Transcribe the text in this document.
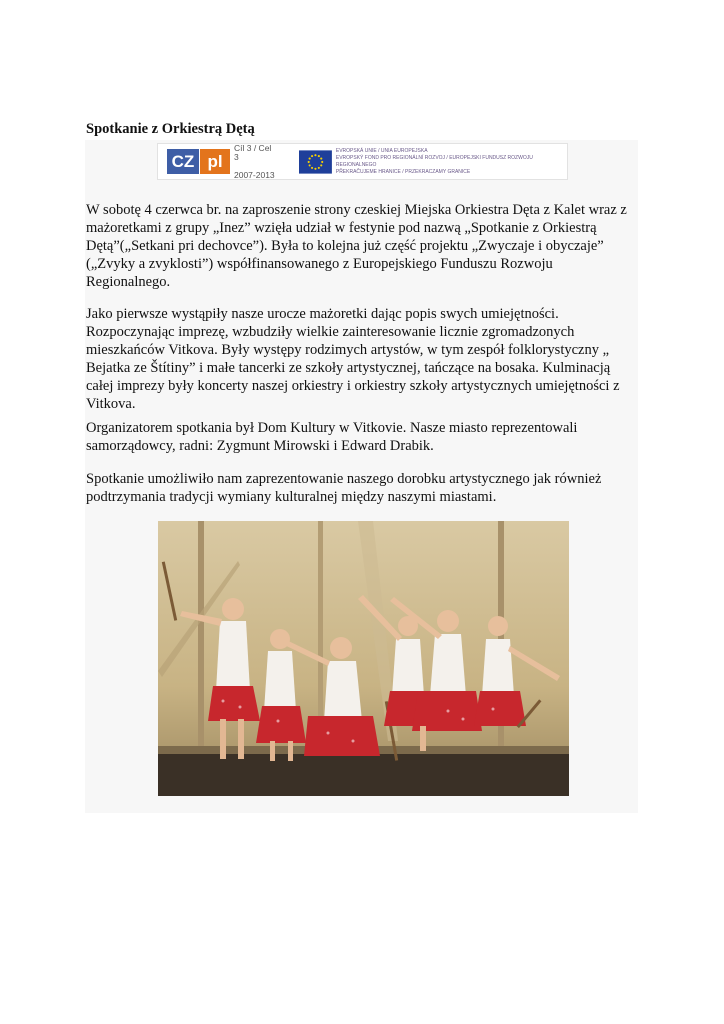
Spotkanie z Orkiestrą Dętą
CZ pl

Cíl 3 / Cel 3

2007-2013

EVROPSKÁ UNIE / UNIA EUROPEJSKA
EVROPSKÝ FOND PRO REGIONÁLNÍ ROZVOJ / EUROPEJSKI FUNDUSZ ROZWOJU REGIONALNEGO
PŘEKRAČUJEME HRANICE / PRZEKRACZAMY GRANICE

W sobotę 4 czerwca br. na zaproszenie strony czeskiej Miejska Orkiestra Dęta z Kalet wraz z mażoretkami z grupy „Inez” wzięła udział w festynie pod nazwą „Spotkanie z Orkiestrą Dętą”(„Setkani pri dechovce”). Była to kolejna już część projektu „Zwyczaje i obyczaje” („Zvyky a zvyklosti”) współfinansowanego z Europejskiego Funduszu Rozwoju Regionalnego.

Jako pierwsze wystąpiły nasze urocze mażoretki dając popis swych umiejętności. Rozpoczynając imprezę, wzbudziły wielkie zainteresowanie licznie zgromadzonych mieszkańców Vitkova. Były występy rodzimych artystów, w tym zespół folklorystyczny „ Bejatka ze Štítiny” i małe tancerki ze szkoły artystycznej, tańczące na bosaka. Kulminacją całej imprezy były koncerty naszej orkiestry i orkiestry szkoły artystycznych umiejętności z Vitkova.

Organizatorem spotkania był Dom Kultury w Vitkovie. Nasze miasto reprezentowali samorządowcy, radni: Zygmunt Mirowski i Edward Drabik.

Spotkanie umożliwiło nam zaprezentowanie naszego dorobku artystycznego jak również podtrzymania tradycji wymiany kulturalnej między naszymi miastami.
